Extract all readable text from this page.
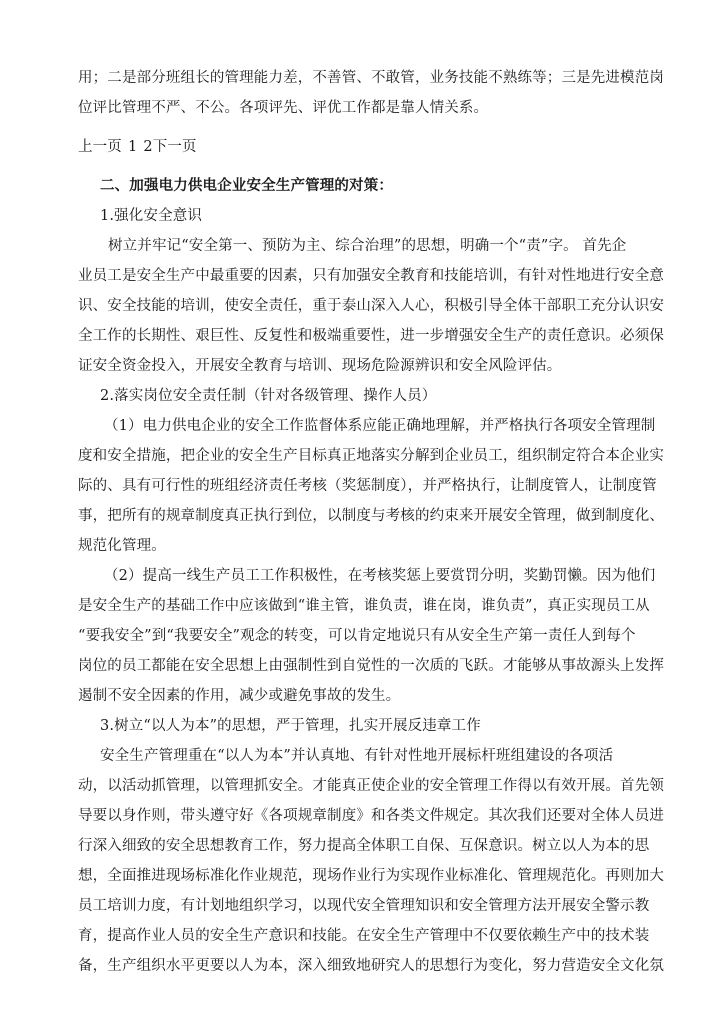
用；二是部分班组长的管理能力差，不善管、不敢管，业务技能不熟练等；三是先进模范岗
位评比管理不严、不公。各项评先、评优工作都是靠人情关系。
上一页 1 2下一页
二、加强电力供电企业安全生产管理的对策：
1.强化安全意识
树立并牢记“安全第一、预防为主、综合治理”的思想，明确一个“责”字。 首先企
业员工是安全生产中最重要的因素，只有加强安全教育和技能培训，有针对性地进行安全意
识、安全技能的培训，使安全责任，重于泰山深入人心，积极引导全体干部职工充分认识安
全工作的长期性、艰巨性、反复性和极端重要性，进一步增强安全生产的责任意识。必须保
证安全资金投入，开展安全教育与培训、现场危险源辨识和安全风险评估。
2.落实岗位安全责任制（针对各级管理、操作人员）
（1）电力供电企业的安全工作监督体系应能正确地理解，并严格执行各项安全管理制
度和安全措施，把企业的安全生产目标真正地落实分解到企业员工，组织制定符合本企业实
际的、具有可行性的班组经济责任考核（奖惩制度），并严格执行，让制度管人，让制度管
事，把所有的规章制度真正执行到位，以制度与考核的约束来开展安全管理，做到制度化、
规范化管理。
（2）提高一线生产员工工作积极性，在考核奖惩上要赏罚分明，奖勤罚懒。因为他们
是安全生产的基础工作中应该做到“谁主管，谁负责，谁在岗，谁负责”，真正实现员工从
“要我安全”到“我要安全”观念的转变，可以肯定地说只有从安全生产第一责任人到每个
岗位的员工都能在安全思想上由强制性到自觉性的一次质的飞跃。才能够从事故源头上发挥
遏制不安全因素的作用，减少或避免事故的发生。
3.树立“以人为本”的思想，严于管理，扎实开展反违章工作
安全生产管理重在“以人为本”并认真地、有针对性地开展标杆班组建设的各项活
动，以活动抓管理，以管理抓安全。才能真正使企业的安全管理工作得以有效开展。首先领
导要以身作则，带头遵守好《各项规章制度》和各类文件规定。其次我们还要对全体人员进
行深入细致的安全思想教育工作，努力提高全体职工自保、互保意识。树立以人为本的思
想，全面推进现场标准化作业规范，现场作业行为实现作业标准化、管理规范化。再则加大
员工培训力度，有计划地组织学习，以现代安全管理知识和安全管理方法开展安全警示教
育，提高作业人员的安全生产意识和技能。在安全生产管理中不仅要依赖生产中的技术装
备，生产组织水平更要以人为本，深入细致地研究人的思想行为变化，努力营造安全文化氛
